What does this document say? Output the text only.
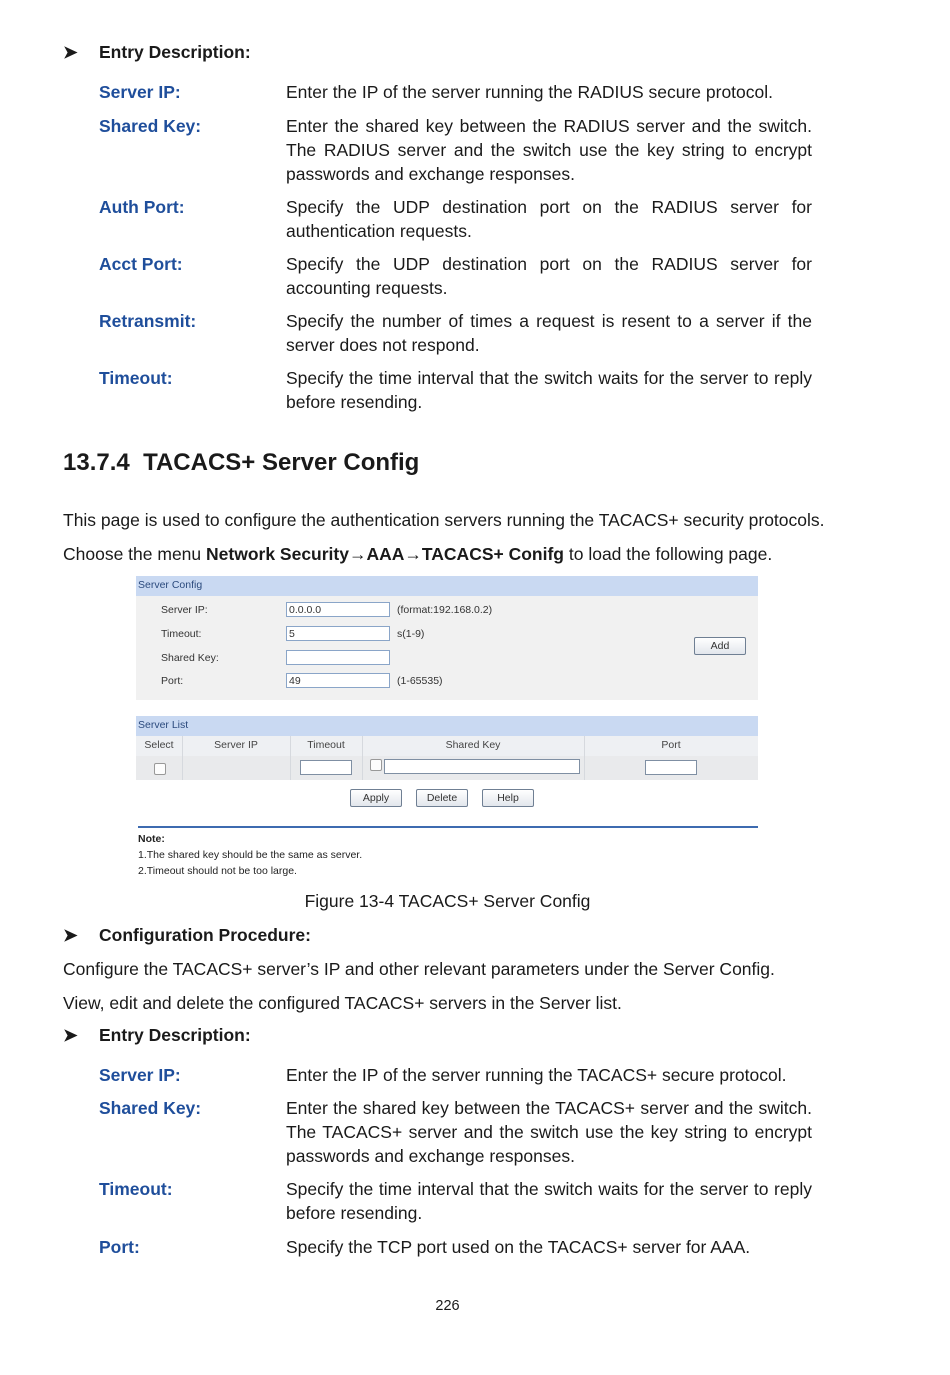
➤ Entry Description:
Server IP:	Enter the IP of the server running the RADIUS secure protocol.
Shared Key:	Enter the shared key between the RADIUS server and the switch. The RADIUS server and the switch use the key string to encrypt passwords and exchange responses.
Auth Port:	Specify the UDP destination port on the RADIUS server for authentication requests.
Acct Port:	Specify the UDP destination port on the RADIUS server for accounting requests.
Retransmit:	Specify the number of times a request is resent to a server if the server does not respond.
Timeout:	Specify the time interval that the switch waits for the server to reply before resending.
13.7.4  TACACS+ Server Config
This page is used to configure the authentication servers running the TACACS+ security protocols.
Choose the menu Network Security→AAA→TACACS+ Conifg to load the following page.
Server Config
Server IP:	0.0.0.0	(format:192.168.0.2)
Timeout:	5	s(1-9)
Shared Key:
Port:	49	(1-65535)
Add
Server List
Select	Server IP	Timeout	Shared Key	Port
Apply	Delete	Help
Note:
1.The shared key should be the same as server.
2.Timeout should not be too large.
Figure 13-4 TACACS+ Server Config
➤ Configuration Procedure:
Configure the TACACS+ server’s IP and other relevant parameters under the Server Config.
View, edit and delete the configured TACACS+ servers in the Server list.
➤ Entry Description:
Server IP:	Enter the IP of the server running the TACACS+ secure protocol.
Shared Key:	Enter the shared key between the TACACS+ server and the switch. The TACACS+ server and the switch use the key string to encrypt passwords and exchange responses.
Timeout:	Specify the time interval that the switch waits for the server to reply before resending.
Port:	Specify the TCP port used on the TACACS+ server for AAA.
226
